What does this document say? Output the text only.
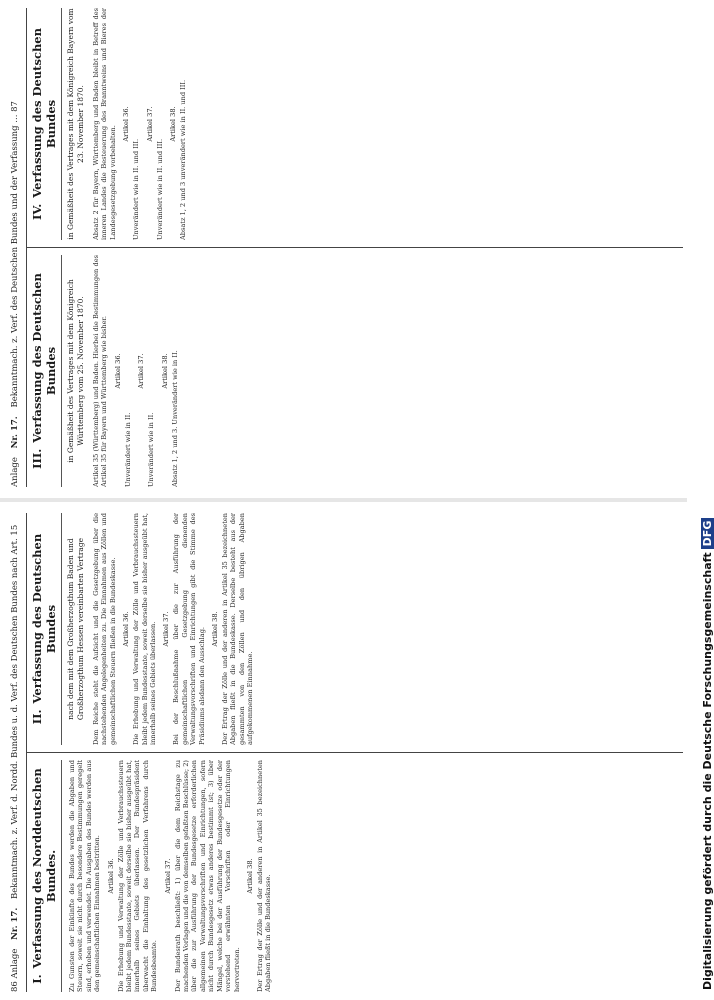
86 Anlage Nr. 17. Bekanntmach. z. Verf. d. Nordd. Bundes u. d. Verf. des Deutschen Bundes nach Art. 15
I.Verfassung des Norddeutschen Bundes.	Zu Gunsten der Einkünfte des Bundes werden die Abgaben und Steuern, soweit sie nicht durch besondere Bestimmungen geregelt sind, erhoben und verwendet. Die Ausgaben des Bundes werden aus den gemeinschaftlichen Einnahmen bestritten. Artikel 36. Die Erhebung und Verwaltung der Zölle und Verbrauchssteuern bleibt jedem Bundesstaate, soweit derselbe sie bisher ausgeübt hat, innerhalb seines Gebiets überlassen. Der Bundespräsident überwacht die Einhaltung des gesetzlichen Verfahrens durch Bundesbeamte.
Artikel 37. Der Bundesrath beschließt: 1) über die dem Reichstage zu machenden Vorlagen und die von demselben gefaßten Beschlüsse; 2) über die zur Ausführung der Bundesgesetze erforderlichen allgemeinen Verwaltungsvorschriften und Einrichtungen, sofern nicht durch Bundesgesetz etwas anderes bestimmt ist; 3) über Mängel, welche bei der Ausführung der Bundesgesetze oder der vorstehend erwähnten Vorschriften oder Einrichtungen hervortreten.
Artikel 38. Der Ertrag der Zölle und der anderen in Artikel 35 bezeichneten Abgaben fließt in die Bundeskasse.
II.Verfassung des Deutschen Bundes	nach dem mit dem Großherzogthum Baden und Großherzogthum Hessen vereinbarten Vertrage Dem Reiche steht die Aufsicht und die Gesetzgebung über die nachstehenden Angelegenheiten zu. Die Einnahmen aus Zöllen und gemeinschaftlichen Steuern fließen in die Bundeskasse. Artikel 36. Die Erhebung und Verwaltung der Zölle und Verbrauchssteuern bleibt jedem Bundesstaate, soweit derselbe sie bisher ausgeübt hat, innerhalb seines Gebiets überlassen. Artikel 37. Bei der Beschlußnahme über die zur Ausführung der gemeinschaftlichen Gesetzgebung dienenden Verwaltungsvorschriften und Einrichtungen gibt die Stimme des Präsidiums alsdann den Ausschlag. Artikel 38. Der Ertrag der Zölle und der anderen in Artikel 35 bezeichneten Abgaben fließt in die Bundeskasse. Derselbe besteht aus der gesammten von den Zöllen und den übrigen Abgaben aufgekommenen Einnahme.
Anlage Nr. 17. Bekanntmach. z. Verf. des Deutschen Bundes und der Verfassung ... 87
III.Verfassung des Deutschen Bundes	in Gemäßheit des Vertrages mit dem Königreich Württemberg vom 25. November 1870. Artikel 35 (Württemberg) und Baden. Hierbei die Bestimmungen des Artikel 35 für Bayern und Württemberg wie bisher. Artikel 36.
Unverändert wie in II.
Artikel 37.
Unverändert wie in II.
Artikel 38. Absatz 1, 2 und 3. Unverändert wie in II.
IV.Verfassung des Deutschen Bundes	in Gemäßheit des Vertrages mit dem Königreich Bayern vom 23. November 1870. Absatz 2 für Bayern, Württemberg und Baden bleibt in Betreff des inneren Landes die Besteuerung des Branntweins und Bieres der Landesgesetzgebung vorbehalten.
Artikel 36.
Unverändert wie in II. und III.
Artikel 37.
Unverändert wie in II. und III.
Artikel 38. Absatz 1, 2 und 3 unverändert wie in II. und III.
Digitalisierung gefördert durch die Deutsche ForschungsgemeinschaftDFG
